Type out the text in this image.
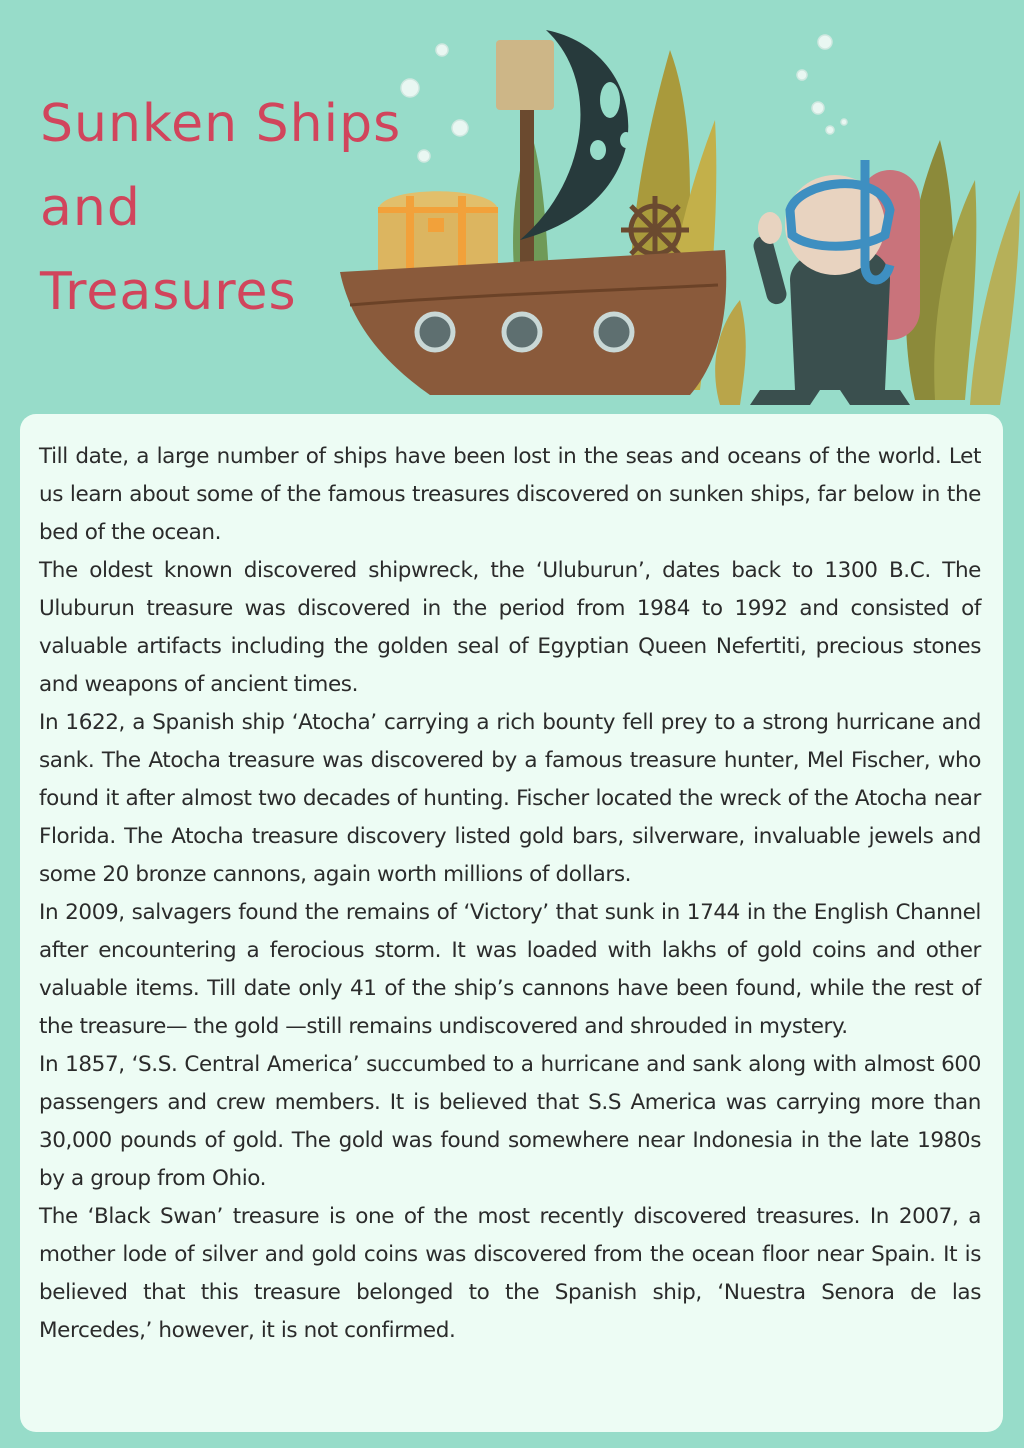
Sunken Ships
and
Treasures

Till date, a large number of ships have been lost in the seas and oceans of the world. Let us learn about some of the famous treasures discovered on sunken ships, far below in the bed of the ocean.

The oldest known discovered shipwreck, the ‘Uluburun’, dates back to 1300 B.C. The Uluburun treasure was discovered in the period from 1984 to 1992 and consisted of valuable artifacts including the golden seal of Egyptian Queen Nefertiti, precious stones and weapons of ancient times.

In 1622, a Spanish ship ‘Atocha’ carrying a rich bounty fell prey to a strong hurricane and sank. The Atocha treasure was discovered by a famous treasure hunter, Mel Fischer, who found it after almost two decades of hunting. Fischer located the wreck of the Atocha near Florida. The Atocha treasure discovery listed gold bars, silverware, invaluable jewels and some 20 bronze cannons, again worth millions of dollars.

In 2009, salvagers found the remains of ‘Victory’ that sunk in 1744 in the English Channel after encountering a ferocious storm. It was loaded with lakhs of gold coins and other valuable items. Till date only 41 of the ship’s cannons have been found, while the rest of the treasure— the gold —still remains undiscovered and shrouded in mystery.

In 1857, ‘S.S. Central America’ succumbed to a hurricane and sank along with almost 600 passengers and crew members. It is believed that S.S America was carrying more than 30,000 pounds of gold. The gold was found somewhere near Indonesia in the late 1980s by a group from Ohio.

The ‘Black Swan’ treasure is one of the most recently discovered treasures. In 2007, a mother lode of silver and gold coins was discovered from the ocean floor near Spain. It is believed that this treasure belonged to the Spanish ship, ‘Nuestra Senora de las Mercedes,’ however, it is not confirmed.
